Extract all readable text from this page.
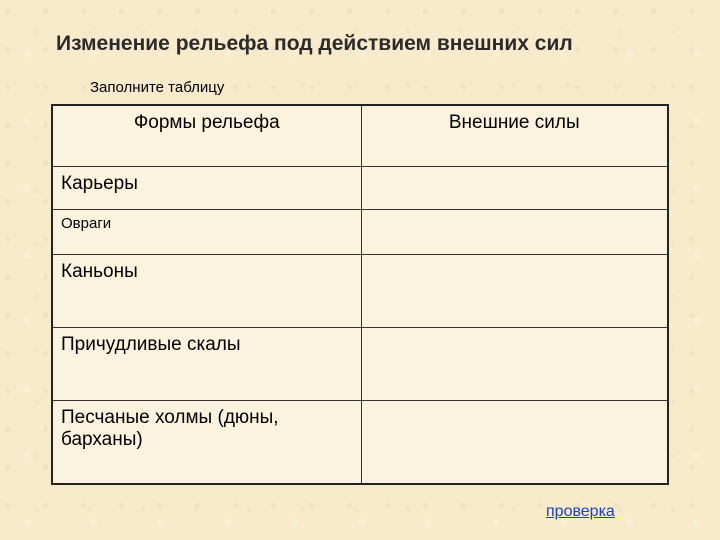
Изменение рельефа под действием внешних сил
Заполните таблицу
Формы рельефа	Внешние силы
Карьеры	
Овраги	
Каньоны	
Причудливые скалы	
Песчаные холмы (дюны, барханы)	
проверка
